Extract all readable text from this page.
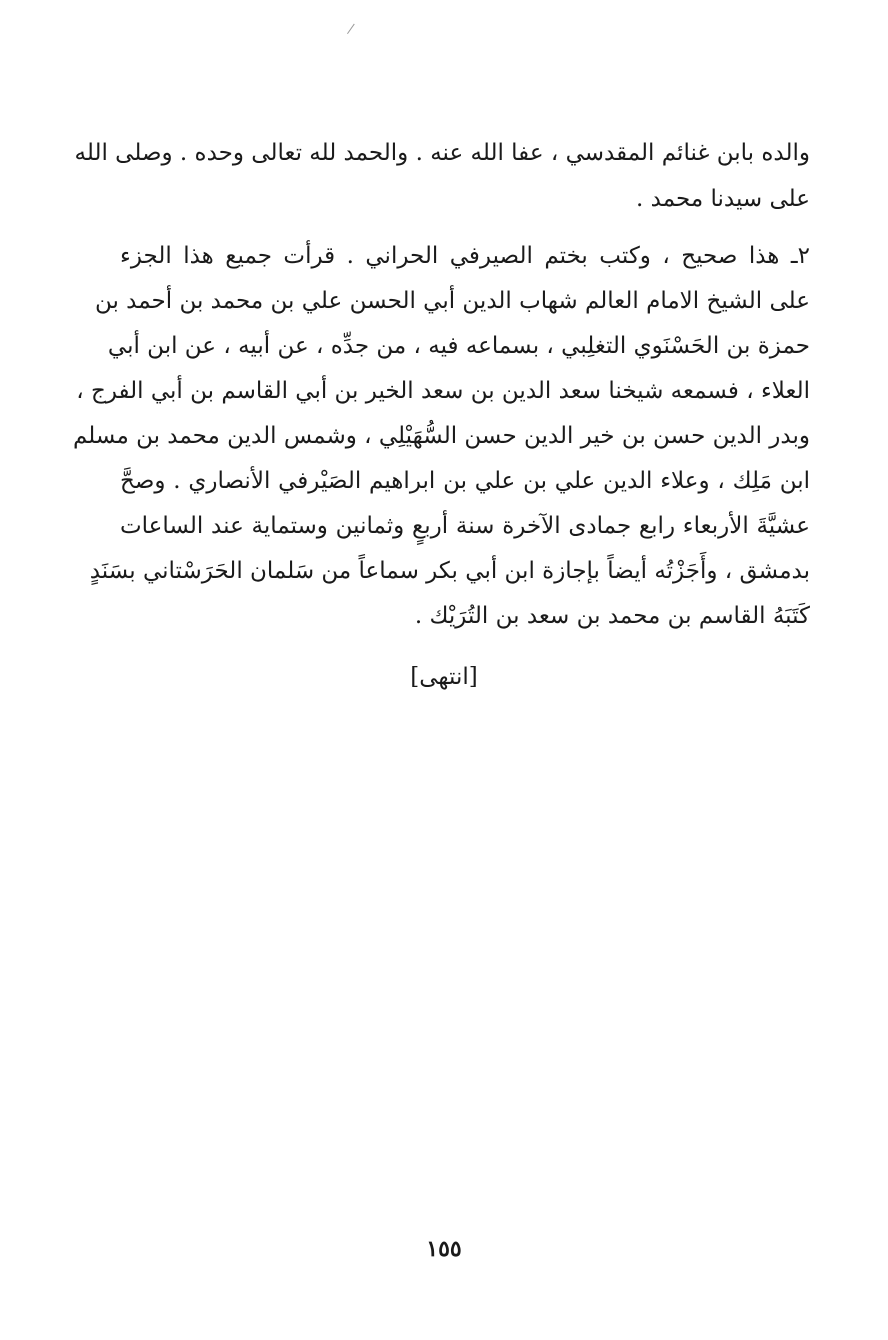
والده بابن غنائم المقدسي ، عفا الله عنه . والحمد لله تعالى وحده . وصلى الله
على سيدنا محمد .
٢ـ هذا صحيح ، وكتب بختم الصيرفي الحراني . قرأت جميع هذا الجزء
على الشيخ الامام العالم شهاب الدين أبي الحسن علي بن محمد بن أحمد بن
حمزة بن الحَسْنَوي التغلِبي ، بسماعه فيه ، من جدِّه ، عن أبيه ، عن ابن أبي
العلاء ، فسمعه شيخنا سعد الدين بن سعد الخير بن أبي القاسم بن أبي الفرج ،
وبدر الدين حسن بن خير الدين حسن السُّهَيْلِي ، وشمس الدين محمد بن مسلم
ابن مَلِك ، وعلاء الدين علي بن علي بن ابراهيم الصَيْرفي الأنصاري . وصحَّ
عشيَّةَ الأربعاء رابع جمادى الآخرة سنة أربعٍ وثمانين وستماية عند الساعات
بدمشق ، وأَجَزْتُه أيضاً بإجازة ابن أبي بكر سماعاً من سَلمان الحَرَسْتاني بسَنَدٍ
كَتَبَهُ القاسم بن محمد بن سعد بن التُرَيْك .
[انتهى]
١٥٥
